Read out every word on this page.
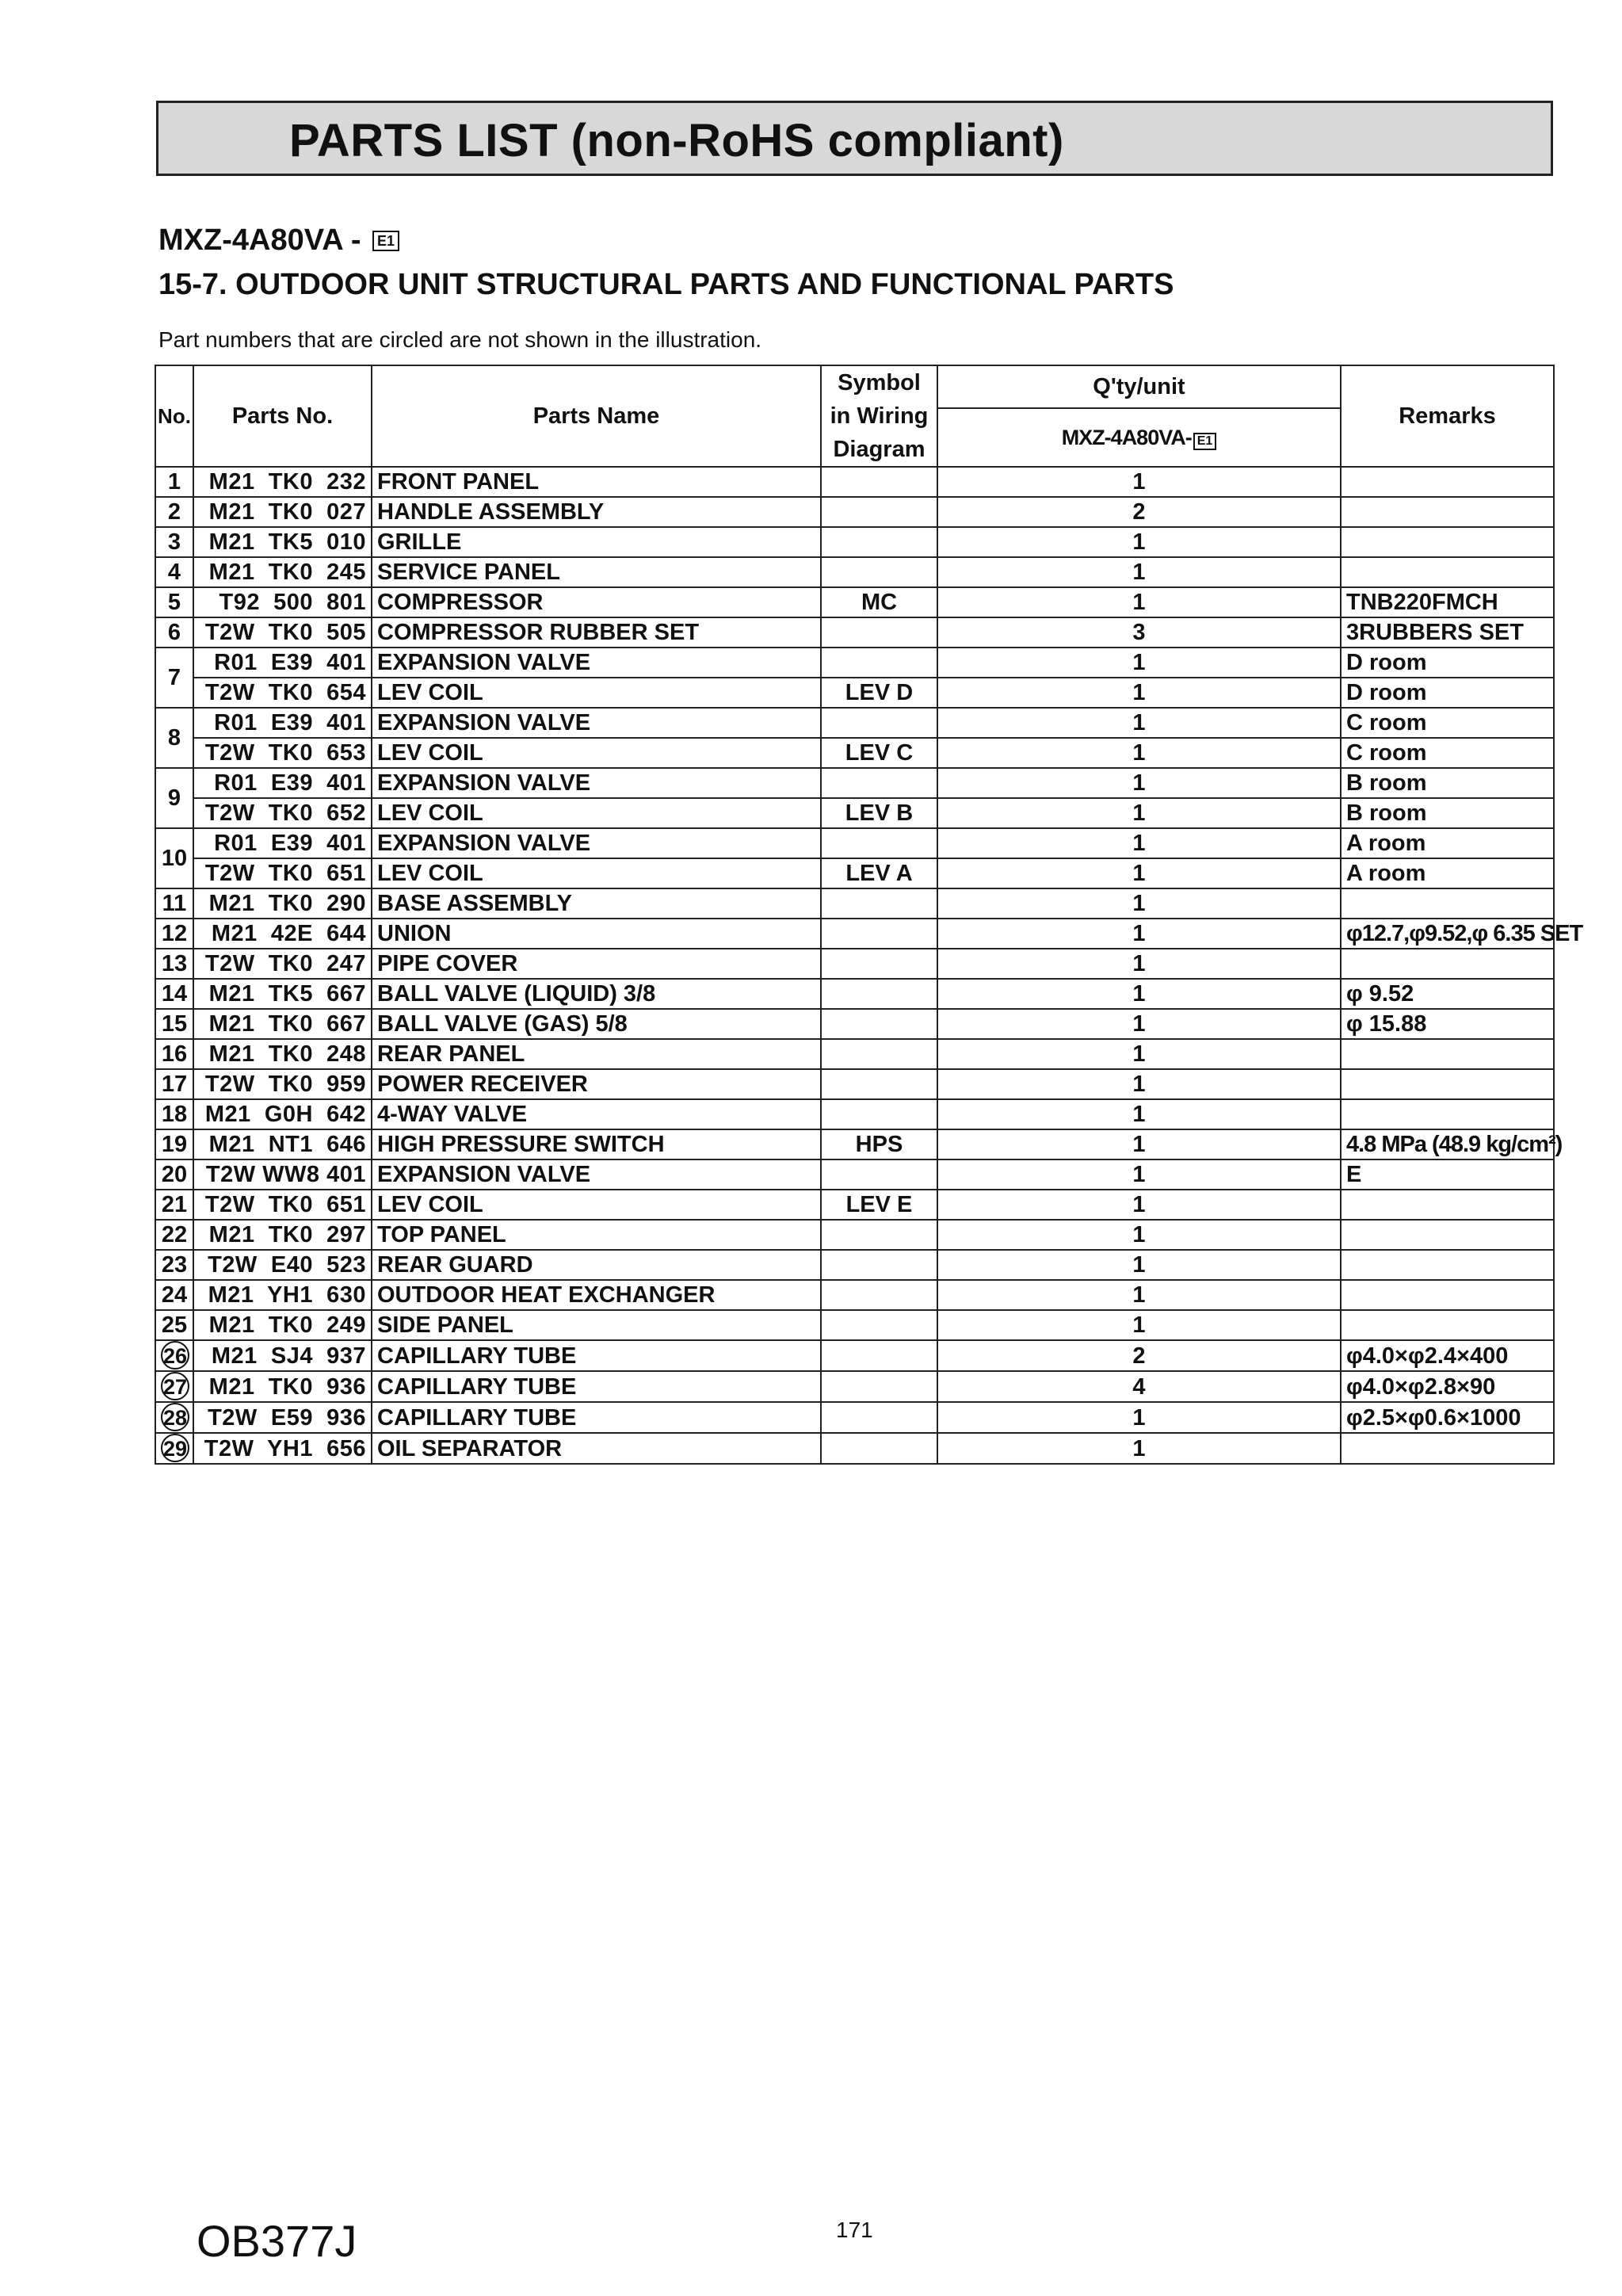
PARTS LIST (non-RoHS compliant)
MXZ-4A80VA -
	E1
15-7. OUTDOOR UNIT STRUCTURAL PARTS AND FUNCTIONAL PARTS
Part numbers that are circled are not shown in the illustration.
No.	Parts No.	Parts Name	Symbol in Wiring Diagram	Q'ty/unit	Remarks
				MXZ-4A80VA- E1	
1	M21  TK0  232	FRONT PANEL		1	
2	M21  TK0  027	HANDLE ASSEMBLY		2	
3	M21  TK5  010	GRILLE		1	
4	M21  TK0  245	SERVICE PANEL		1	
5	T92  500  801	COMPRESSOR	MC	1	TNB220FMCH
6	T2W  TK0  505	COMPRESSOR RUBBER SET		3	3RUBBERS SET
7	R01  E39  401	EXPANSION VALVE		1	D room
	T2W  TK0  654	LEV COIL	LEV D	1	D room
8	R01  E39  401	EXPANSION VALVE		1	C room
	T2W  TK0  653	LEV COIL	LEV C	1	C room
9	R01  E39  401	EXPANSION VALVE		1	B room
	T2W  TK0  652	LEV COIL	LEV B	1	B room
10	R01  E39  401	EXPANSION VALVE		1	A room
	T2W  TK0  651	LEV COIL	LEV A	1	A room
11	M21  TK0  290	BASE ASSEMBLY		1	
12	M21  42E  644	UNION		1	φ12.7,φ9.52,φ 6.35 SET
13	T2W  TK0  247	PIPE COVER		1	
14	M21  TK5  667	BALL VALVE (LIQUID) 3/8		1	φ 9.52
15	M21  TK0  667	BALL VALVE (GAS) 5/8		1	φ 15.88
16	M21  TK0  248	REAR PANEL		1	
17	T2W  TK0  959	POWER RECEIVER		1	
18	M21  G0H  642	4-WAY VALVE		1	
19	M21  NT1  646	HIGH PRESSURE SWITCH	HPS	1	4.8 MPa (48.9 kg/cm²)
20	T2W WW8 401	EXPANSION VALVE		1	E
21	T2W  TK0  651	LEV COIL	LEV E	1	
22	M21  TK0  297	TOP PANEL		1	
23	T2W  E40  523	REAR GUARD		1	
24	M21  YH1  630	OUTDOOR HEAT EXCHANGER		1	
25	M21  TK0  249	SIDE PANEL		1	
26	M21  SJ4  937	CAPILLARY TUBE		2	φ4.0×φ2.4×400
27	M21  TK0  936	CAPILLARY TUBE		4	φ4.0×φ2.8×90
28	T2W  E59  936	CAPILLARY TUBE		1	φ2.5×φ0.6×1000
29	T2W  YH1  656	OIL SEPARATOR		1	
OB377J	171
